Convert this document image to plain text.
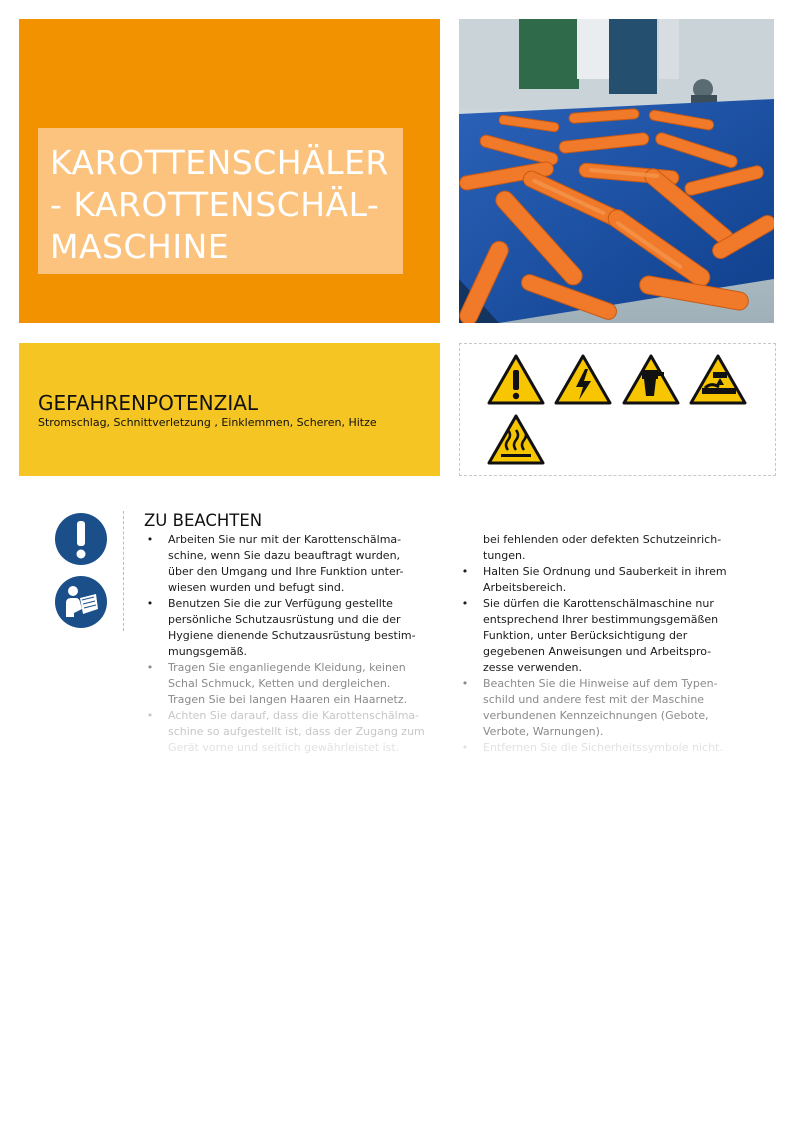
KAROTTENSCHÄLER
- KAROTTENSCHÄL-
MASCHINE
GEFAHRENPOTENZIAL
Stromschlag, Schnittverletzung , Einklemmen, Scheren, Hitze
ZU BEACHTEN
• Arbeiten Sie nur mit der Karottenschälma-
schine, wenn Sie dazu beauftragt wurden,
über den Umgang und Ihre Funktion unter-
wiesen wurden und befugt sind.
• Benutzen Sie die zur Verfügung gestellte
persönliche Schutzausrüstung und die der
Hygiene dienende Schutzausrüstung bestim-
mungsgemäß.
• Tragen Sie enganliegende Kleidung, keinen
Schal Schmuck, Ketten und dergleichen.
Tragen Sie bei langen Haaren ein Haarnetz.
• Achten Sie darauf, dass die Karottenschälma-
schine so aufgestellt ist, dass der Zugang zum
Gerät vorne und seitlich gewährleistet ist.

bei fehlenden oder defekten Schutzeinrich-
tungen.

• Halten Sie Ordnung und Sauberkeit in ihrem
Arbeitsbereich.
• Sie dürfen die Karottenschälmaschine nur
entsprechend Ihrer bestimmungsgemäßen
Funktion, unter Berücksichtigung der
gegebenen Anweisungen und Arbeitspro-
zesse verwenden.
• Beachten Sie die Hinweise auf dem Typen-
schild und andere fest mit der Maschine
verbundenen Kennzeichnungen (Gebote,
Verbote, Warnungen).
• Entfernen Sie die Sicherheitssymbole nicht.
